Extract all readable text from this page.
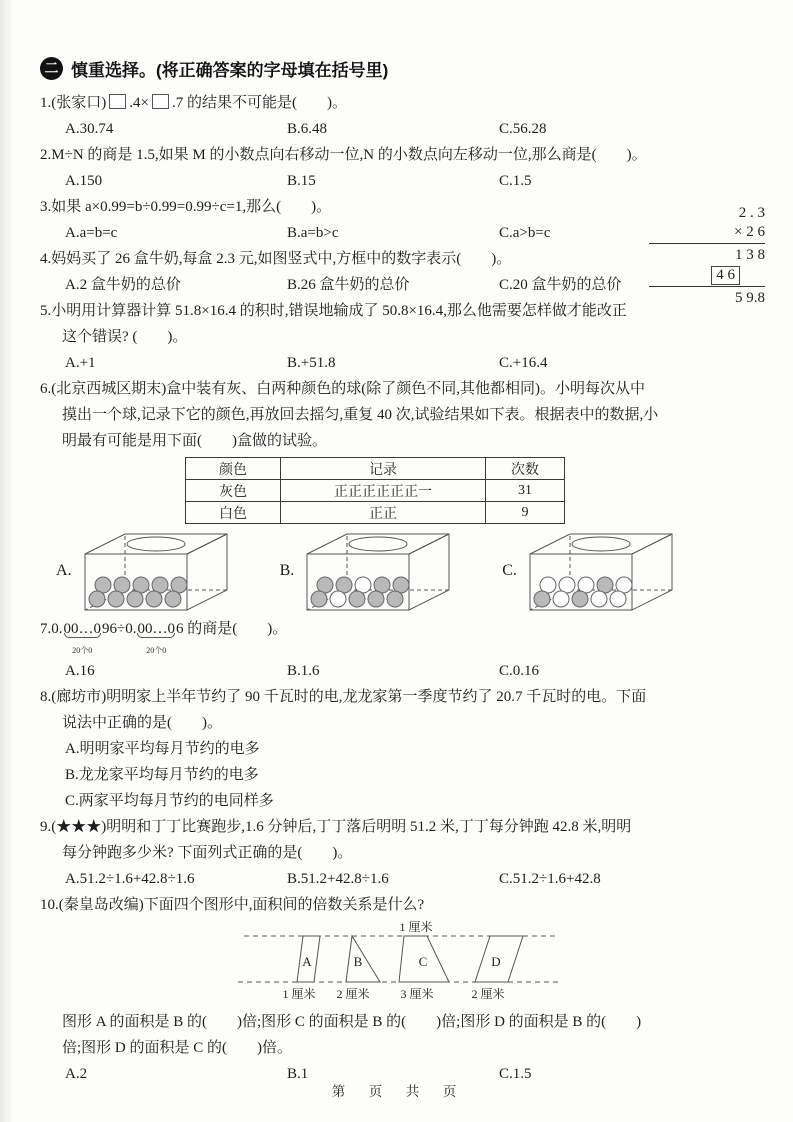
二 慎重选择。(将正确答案的字母填在括号里)
1.(张家口) .4× .7 的结果不可能是(　　)。
A.30.74	B.6.48	C.56.28
2.M÷N 的商是 1.5,如果 M 的小数点向右移动一位,N 的小数点向左移动一位,那么商是(　　)。
A.150	B.15	C.1.5
3.如果 a×0.99=b÷0.99=0.99÷c=1,那么(　　)。
A.a=b=c	B.a=b>c	C.a>b=c
4.妈妈买了 26 盒牛奶,每盒 2.3 元,如图竖式中,方框中的数字表示(　　)。
A.2 盒牛奶的总价	B.26 盒牛奶的总价	C.20 盒牛奶的总价
5.小明用计算器计算 51.8×16.4 的积时,错误地输成了 50.8×16.4,那么他需要怎样做才能改正
这个错误? (　　)。
A.+1	B.+51.8	C.+16.4
6.(北京西城区期末)盒中装有灰、白两种颜色的球(除了颜色不同,其他都相同)。小明每次从中
摸出一个球,记录下它的颜色,再放回去摇匀,重复 40 次,试验结果如下表。根据表中的数据,小
明最有可能是用下面(　　)盒做的试验。
颜色	记录	次数
灰色	正正正正正正一	31
白色	正正	9
A.	B.	C.
7.0.00…0
20个0
96÷0.00…0
20个0
6 的商是(　　)。
A.16	B.1.6	C.0.16
8.(廊坊市)明明家上半年节约了 90 千瓦时的电,龙龙家第一季度节约了 20.7 千瓦时的电。下面
说法中正确的是(　　)。
A.明明家平均每月节约的电多
B.龙龙家平均每月节约的电多
C.两家平均每月节约的电同样多
9.(★★★)明明和丁丁比赛跑步,1.6 分钟后,丁丁落后明明 51.2 米,丁丁每分钟跑 42.8 米,明明
每分钟跑多少米? 下面列式正确的是(　　)。
A.51.2÷1.6+42.8÷1.6	B.51.2+42.8÷1.6	C.51.2÷1.6+42.8
10.(秦皇岛改编)下面四个图形中,面积间的倍数关系是什么?
1 厘米
A	B	C	D
1 厘米 2 厘米	3 厘米	2 厘米
图形 A 的面积是 B 的(　　)倍;图形 C 的面积是 B 的(　　)倍;图形 D 的面积是 B 的(　　)
倍;图形 D 的面积是 C 的(　　)倍。
A.2	B.1	C.1.5
2 . 3
× 2 6
1 3 8
4 6
5 9.8
第　页　共　页
